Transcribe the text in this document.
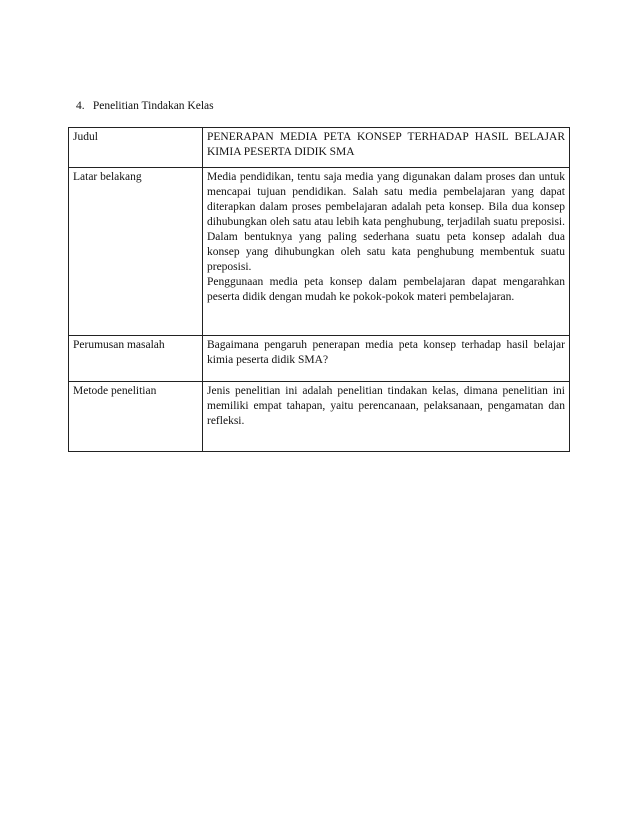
4. Penelitian Tindakan Kelas
Judul	PENERAPAN MEDIA PETA KONSEP TERHADAP HASIL BELAJAR KIMIA PESERTA DIDIK SMA

Latar belakang	Media pendidikan, tentu saja media yang digunakan dalam proses dan untuk mencapai tujuan pendidikan. Salah satu media pembelajaran yang dapat diterapkan dalam proses pembelajaran adalah peta konsep. Bila dua konsep dihubungkan oleh satu atau lebih kata penghubung, terjadilah suatu preposisi. Dalam bentuknya yang paling sederhana suatu peta konsep adalah dua konsep yang dihubungkan oleh satu kata penghubung membentuk suatu preposisi.
Penggunaan media peta konsep dalam pembelajaran dapat mengarahkan peserta didik dengan mudah ke pokok-pokok materi pembelajaran.

Perumusan masalah	Bagaimana pengaruh penerapan media peta konsep terhadap hasil belajar kimia peserta didik SMA?

Metode penelitian	Jenis penelitian ini adalah penelitian tindakan kelas, dimana penelitian ini memiliki empat tahapan, yaitu perencanaan, pelaksanaan, pengamatan dan refleksi.
